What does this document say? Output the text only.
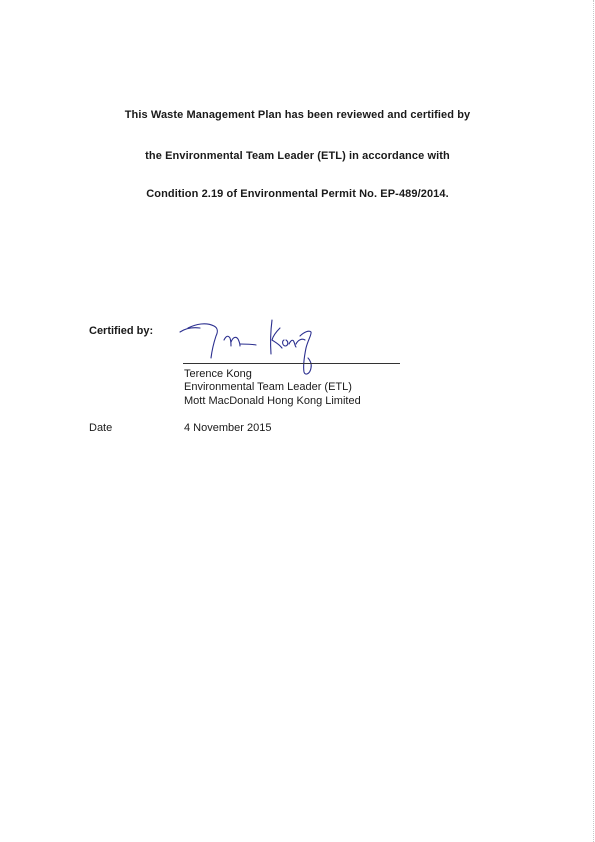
This Waste Management Plan has been reviewed and certified by
the Environmental Team Leader (ETL) in accordance with
Condition 2.19 of Environmental Permit No. EP-489/2014.
Certified by:
Terence Kong
Environmental Team Leader (ETL)
Mott MacDonald Hong Kong Limited
Date	4 November 2015
